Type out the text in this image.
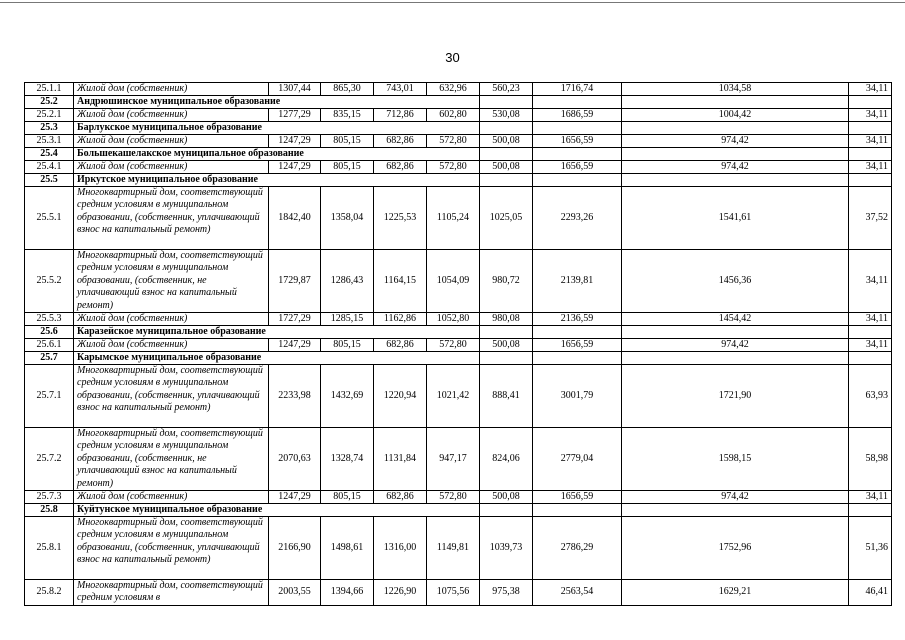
30
25.1.1	Жилой дом (собственник)	1307,44	865,30	743,01	632,96	560,23	1716,74	1034,58	34,11
25.2	Андрюшинское муниципальное образование								
25.2.1	Жилой дом (собственник)	1277,29	835,15	712,86	602,80	530,08	1686,59	1004,42	34,11
25.3	Барлукское муниципальное образование								
25.3.1	Жилой дом (собственник)	1247,29	805,15	682,86	572,80	500,08	1656,59	974,42	34,11
25.4	Большекашелакское муниципальное образование								
25.4.1	Жилой дом (собственник)	1247,29	805,15	682,86	572,80	500,08	1656,59	974,42	34,11
25.5	Иркутское муниципальное образование								
25.5.1	Многоквартирный дом, соответствующий средним условиям в муниципальном образовании, (собственник, уплачивающий взнос на капитальный ремонт)	1842,40	1358,04	1225,53	1105,24	1025,05	2293,26	1541,61	37,52
25.5.2	Многоквартирный дом, соответствующий средним условиям в муниципальном образовании, (собственник, не уплачивающий взнос на капитальный ремонт)	1729,87	1286,43	1164,15	1054,09	980,72	2139,81	1456,36	34,11
25.5.3	Жилой дом (собственник)	1727,29	1285,15	1162,86	1052,80	980,08	2136,59	1454,42	34,11
25.6	Каразейское муниципальное образование								
25.6.1	Жилой дом (собственник)	1247,29	805,15	682,86	572,80	500,08	1656,59	974,42	34,11
25.7	Карымское муниципальное образование								
25.7.1	Многоквартирный дом, соответствующий средним условиям в муниципальном образовании, (собственник, уплачивающий взнос на капитальный ремонт)	2233,98	1432,69	1220,94	1021,42	888,41	3001,79	1721,90	63,93
25.7.2	Многоквартирный дом, соответствующий средним условиям в муниципальном образовании, (собственник, не уплачивающий взнос на капитальный ремонт)	2070,63	1328,74	1131,84	947,17	824,06	2779,04	1598,15	58,98
25.7.3	Жилой дом (собственник)	1247,29	805,15	682,86	572,80	500,08	1656,59	974,42	34,11
25.8	Куйтунское муниципальное образование								
25.8.1	Многоквартирный дом, соответствующий средним условиям в муниципальном образовании, (собственник, уплачивающий взнос на капитальный ремонт)	2166,90	1498,61	1316,00	1149,81	1039,73	2786,29	1752,96	51,36
25.8.2	Многоквартирный дом, соответствующий средним условиям в	2003,55	1394,66	1226,90	1075,56	975,38	2563,54	1629,21	46,41
